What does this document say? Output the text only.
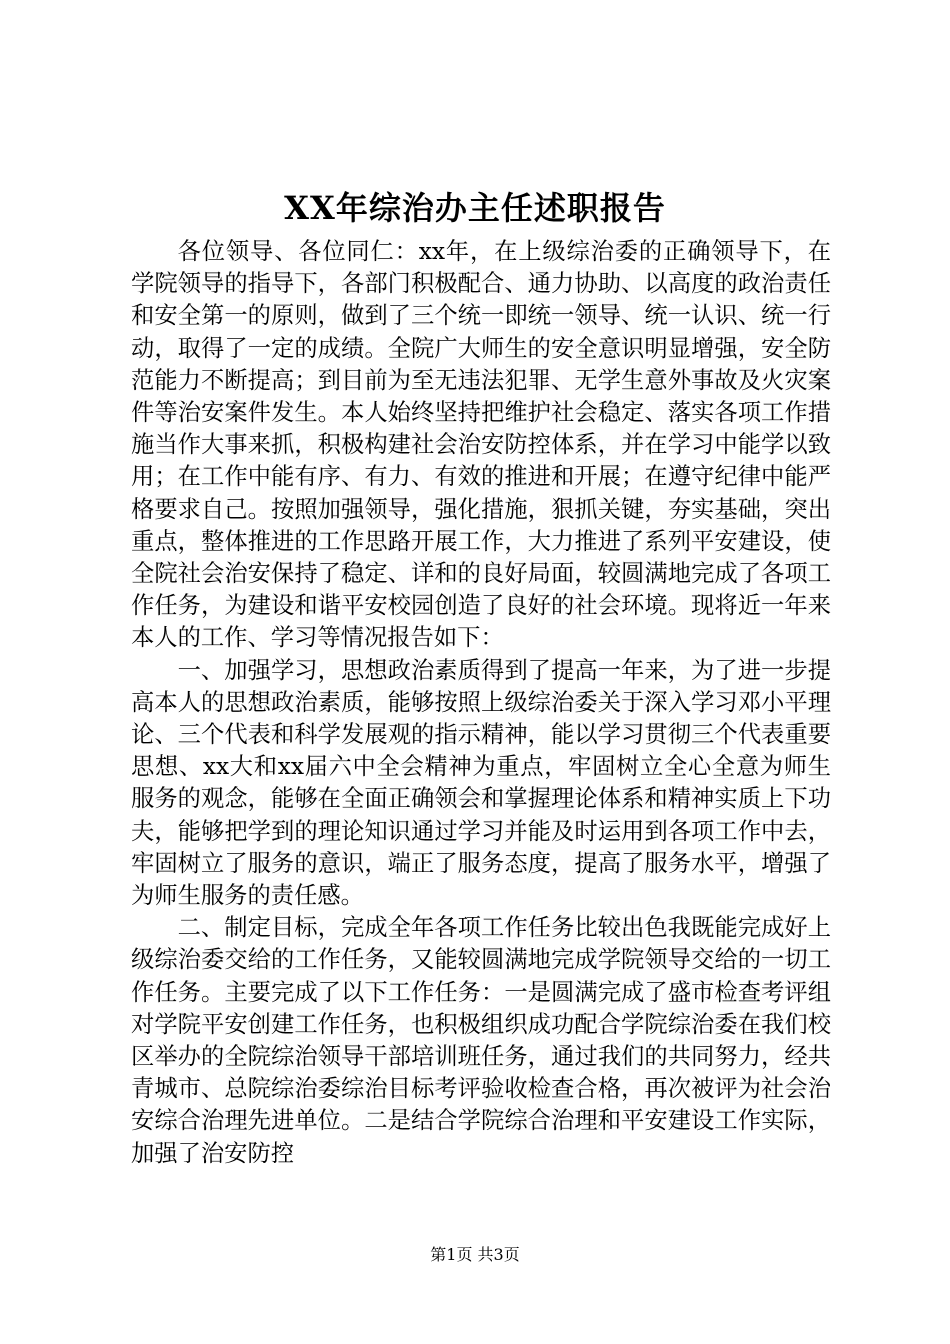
XX年综治办主任述职报告

各位领导、各位同仁：xx年，在上级综治委的正确领导下，在学院领导的指导下，各部门积极配合、通力协助、以高度的政治责任和安全第一的原则，做到了三个统一即统一领导、统一认识、统一行动，取得了一定的成绩。全院广大师生的安全意识明显增强，安全防范能力不断提高；到目前为至无违法犯罪、无学生意外事故及火灾案件等治安案件发生。本人始终坚持把维护社会稳定、落实各项工作措施当作大事来抓，积极构建社会治安防控体系，并在学习中能学以致用；在工作中能有序、有力、有效的推进和开展；在遵守纪律中能严格要求自己。按照加强领导，强化措施，狠抓关键，夯实基础，突出重点，整体推进的工作思路开展工作，大力推进了系列平安建设，使全院社会治安保持了稳定、详和的良好局面，较圆满地完成了各项工作任务，为建设和谐平安校园创造了良好的社会环境。现将近一年来本人的工作、学习等情况报告如下：

一、加强学习，思想政治素质得到了提高一年来，为了进一步提高本人的思想政治素质，能够按照上级综治委关于深入学习邓小平理论、三个代表和科学发展观的指示精神，能以学习贯彻三个代表重要思想、xx大和xx届六中全会精神为重点，牢固树立全心全意为师生服务的观念，能够在全面正确领会和掌握理论体系和精神实质上下功夫，能够把学到的理论知识通过学习并能及时运用到各项工作中去，牢固树立了服务的意识，端正了服务态度，提高了服务水平，增强了为师生服务的责任感。

二、制定目标，完成全年各项工作任务比较出色我既能完成好上级综治委交给的工作任务，又能较圆满地完成学院领导交给的一切工作任务。主要完成了以下工作任务：一是圆满完成了盛市检查考评组对学院平安创建工作任务，也积极组织成功配合学院综治委在我们校区举办的全院综治领导干部培训班任务，通过我们的共同努力，经共青城市、总院综治委综治目标考评验收检查合格，再次被评为社会治安综合治理先进单位。二是结合学院综合治理和平安建设工作实际，加强了治安防控

第1页 共3页
